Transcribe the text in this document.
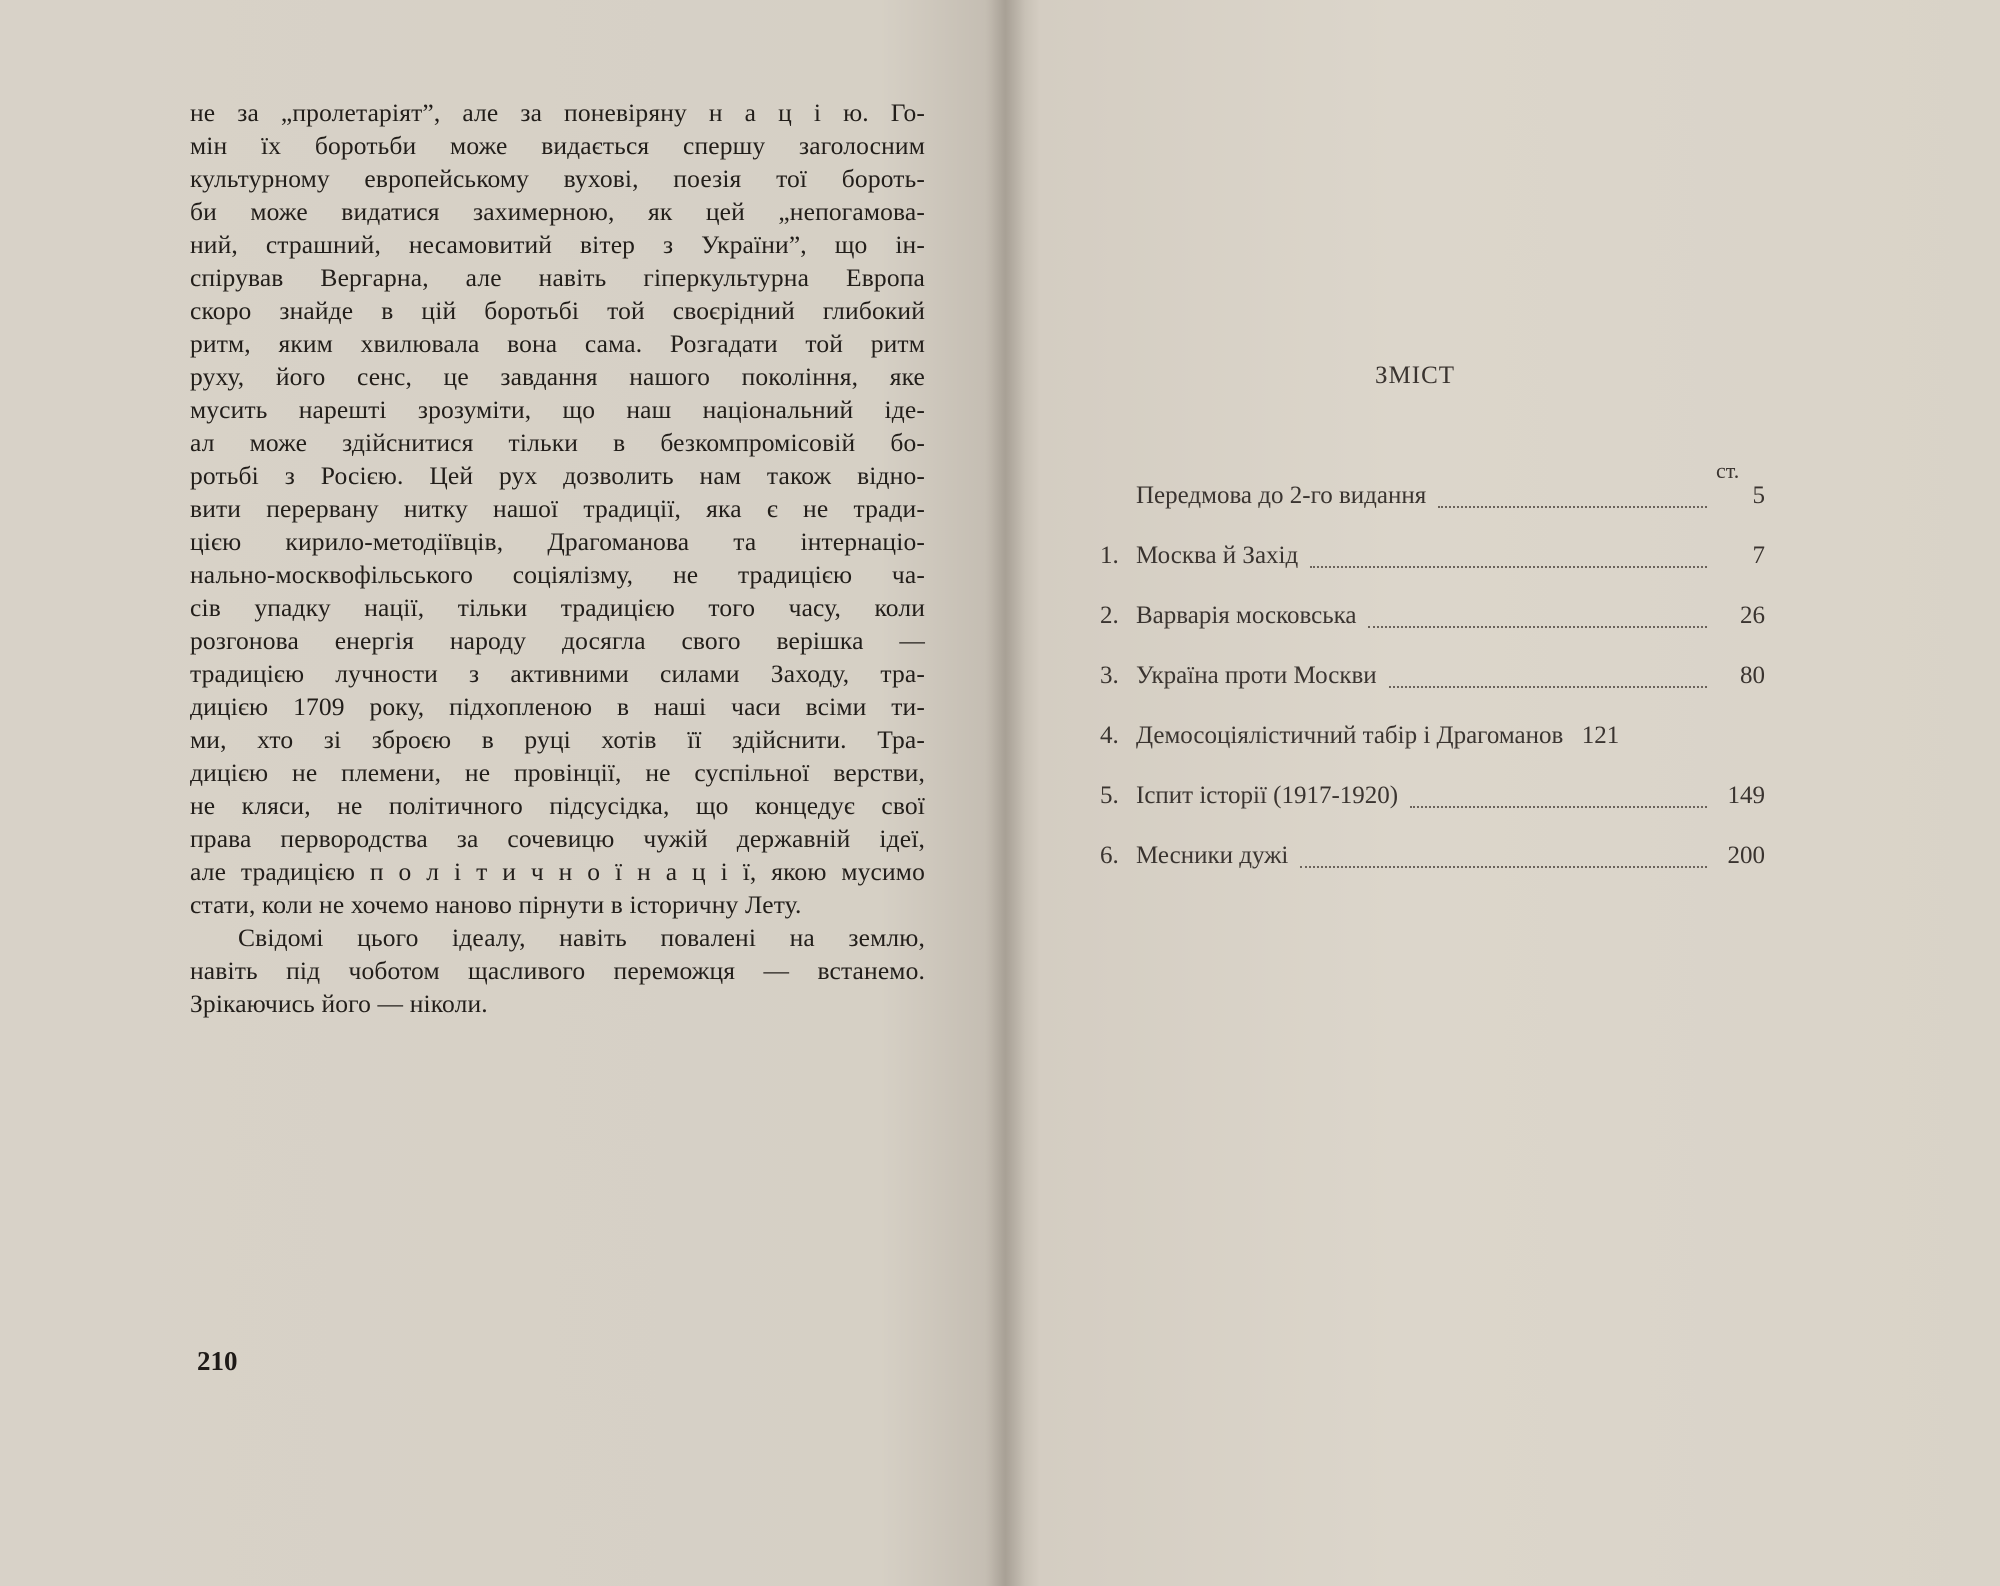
не за „пролетаріят”, але за поневіряну н а ц і ю. Го-
мін їх боротьби може видається спершу заголосним
культурному европейському вухові, поезія тої бороть-
би може видатися захимерною, як цей „непогамова-
ний, страшний, несамовитий вітер з України”, що ін-
спірував Вергарна, але навіть гіперкультурна Европа
скоро знайде в цій боротьбі той своєрідний глибокий
ритм, яким хвилювала вона сама. Розгадати той ритм
руху, його сенс, це завдання нашого покоління, яке
мусить нарешті зрозуміти, що наш національний іде-
ал може здійснитися тільки в безкомпромісовій бо-
ротьбі з Росією. Цей рух дозволить нам також відно-
вити перервану нитку нашої традиції, яка є не тради-
цією кирило-методіївців, Драгоманова та інтернаціо-
нально-москвофільського соціялізму, не традицією ча-
сів упадку нації, тільки традицією того часу, коли
розгонова енергія народу досягла свого верішка —
традицією лучности з активними силами Заходу, тра-
дицією 1709 року, підхопленою в наші часи всіми ти-
ми, хто зі зброєю в руці хотів її здійснити. Тра-
дицією не племени, не провінції, не суспільної верстви,
не кляси, не політичного підсусідка, що концедує свої
права первородства за сочевицю чужій державній ідеї,
але традицією п о л і т и ч н о ї н а ц і ї, якою мусимо
стати, коли не хочемо наново пірнути в історичну Лету.
Свідомі цього ідеалу, навіть повалені на землю,
навіть під чоботом щасливого переможця — встанемо.
Зрікаючись його — ніколи.
210
ЗМІСТ
ст.
Передмова до 2-го видання	5
1. Москва й Захід	7
2. Варварія московська	26
3. Україна проти Москви	80
4. Демосоціялістичний табір і Драгоманов 121
5. Іспит історії (1917-1920)	149
6. Месники дужі	200
